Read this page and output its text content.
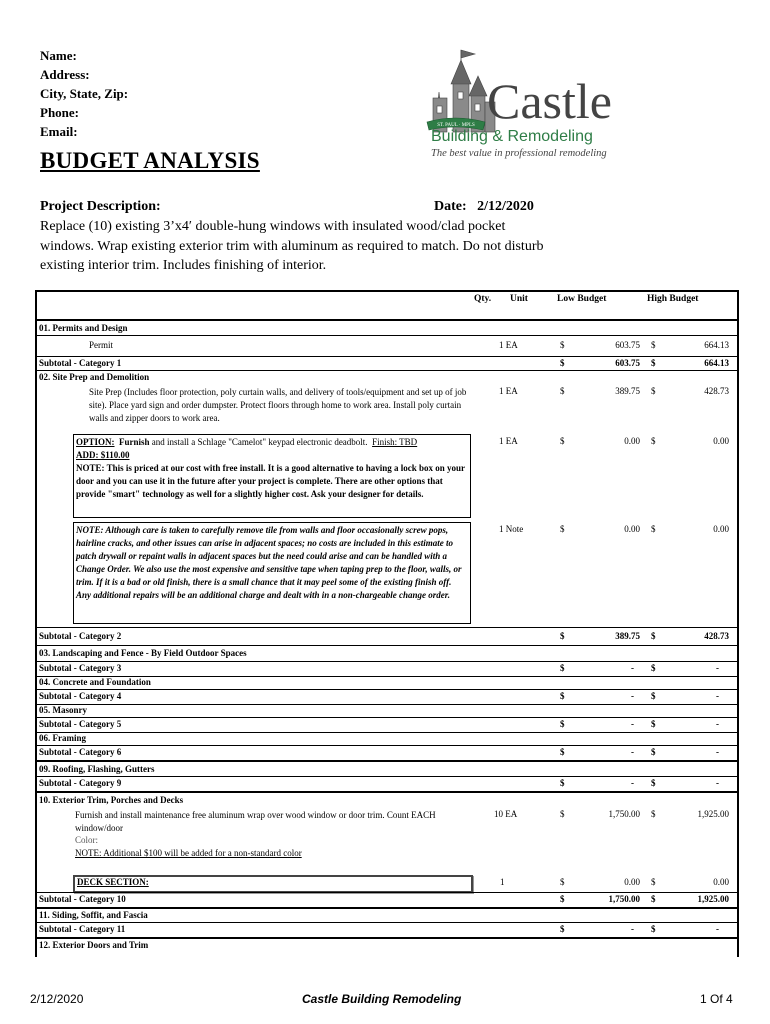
Name:
Address:
City, State, Zip:
Phone:
Email:	ST. PAUL · MPLS Castle
Building & Remodeling
The best value in professional remodeling
BUDGET ANALYSIS
Project Description:	Date: 2/12/2020
Replace (10) existing 3’x4′ double-hung windows with insulated wood/clad pocket windows. Wrap existing exterior trim with aluminum as required to match. Do not disturb existing interior trim. Includes finishing of interior.
Qty. Unit	Low Budget	High Budget
01. Permits and Design
Permit	1 EA	$	603.75 $	664.13
Subtotal - Category 1	$	603.75 $	664.13
02. Site Prep and Demolition
Site Prep (Includes floor protection, poly curtain walls, and delivery of tools/equipment and set up of job site). Place yard sign and order dumpster. Protect floors through home to work area. Install poly curtain walls and zipper doors to work area.
1 EA	$	389.75 $	428.73
OPTION: Furnish and install a Schlage "Camelot" keypad electronic deadbolt. Finish: TBD
ADD: $110.00
NOTE: This is priced at our cost with free install. It is a good alternative to having a lock box on your door and you can use it in the future after your project is complete. There are other options that provide "smart" technology as well for a slightly higher cost. Ask your designer for details.
1 EA	$	0.00 $	0.00
NOTE: Although care is taken to carefully remove tile from walls and floor occasionally screw pops, hairline cracks, and other issues can arise in adjacent spaces; no costs are included in this estimate to patch drywall or repaint walls in adjacent spaces but the need could arise and can be handled with a Change Order. We also use the most expensive and sensitive tape when taping prep to the floor, walls, or trim. If it is a bad or old finish, there is a small chance that it may peel some of the existing finish off. Any additional repairs will be an additional charge and dealt with in a non-chargeable change order.
1 Note	$	0.00 $	0.00
Subtotal - Category 2	$	389.75 $	428.73
03. Landscaping and Fence - By Field Outdoor Spaces
Subtotal - Category 3	$	- $	-
04. Concrete and Foundation
Subtotal - Category 4	$	- $	-
05. Masonry
Subtotal - Category 5	$	- $	-
06. Framing
Subtotal - Category 6	$	- $	-
09. Roofing, Flashing, Gutters
Subtotal - Category 9	$	- $	-
10. Exterior Trim, Porches and Decks
Furnish and install maintenance free aluminum wrap over wood window or door trim. Count EACH window/door
Color:
NOTE: Additional $100 will be added for a non-standard color
10 EA	$	1,750.00 $	1,925.00
DECK SECTION:	1	$	0.00 $	0.00
Subtotal - Category 10	$	1,750.00 $	1,925.00
11. Siding, Soffit, and Fascia
Subtotal - Category 11	$	- $	-
12. Exterior Doors and Trim
2/12/2020	Castle Building Remodeling	1 Of 4
